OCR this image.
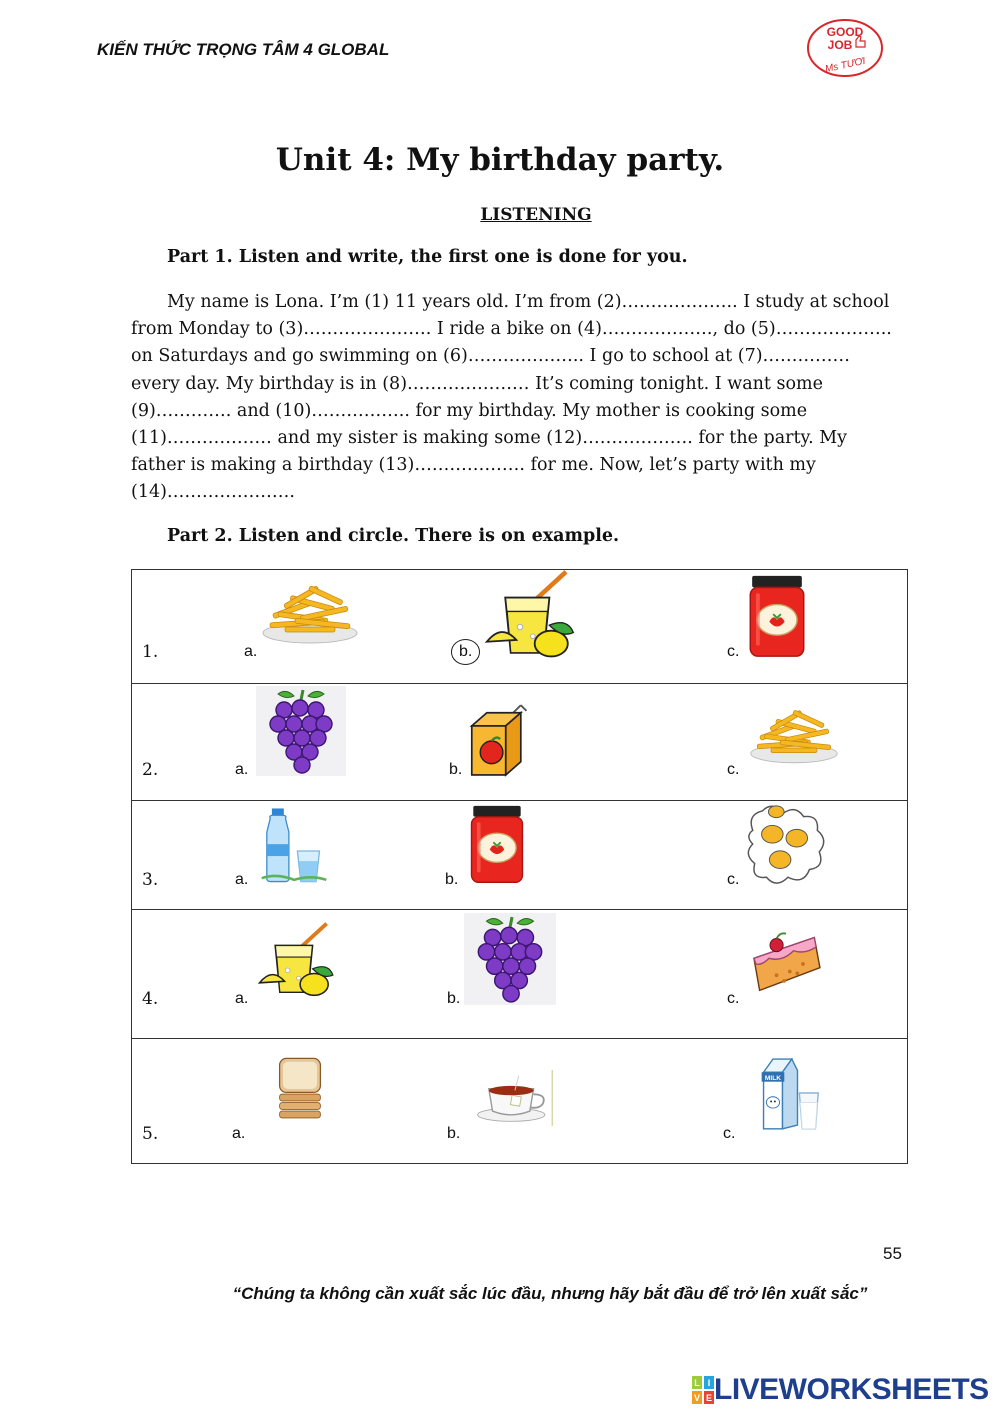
KIẾN THỨC TRỌNG TÂM 4 GLOBAL
GOOD
JOB
Ms TƯƠI
Unit 4: My birthday party.
LISTENING
Part 1. Listen and write, the first one is done for you.

My name is Lona. I’m (1) 11 years old. I’m from (2)……………….. I study at school from Monday to (3)…………………. I ride a bike on (4)………………., do (5)……………….. on Saturdays and go swimming on (6)……………….. I go to school at (7)…………… every day. My birthday is in (8)………………… It’s coming tonight. I want some (9)…………. and (10)…………….. for my birthday. My mother is cooking some (11)……………… and my sister is making some (12)………………. for the party. My father is making a birthday (13)………………. for me. Now, let’s party with my (14)………………….

Part 2. Listen and circle. There is on example.
1.	a.	b.	c.

2.	a.	b.	c.

3.	a.	b.	c.

4.	a.	b.	c.

5.	a.	b.	c.
55
“Chúng ta không cần xuất sắc lúc đầu, nhưng hãy bắt đầu để trở lên xuất sắc”
L I
V E LIVEWORKSHEETS
